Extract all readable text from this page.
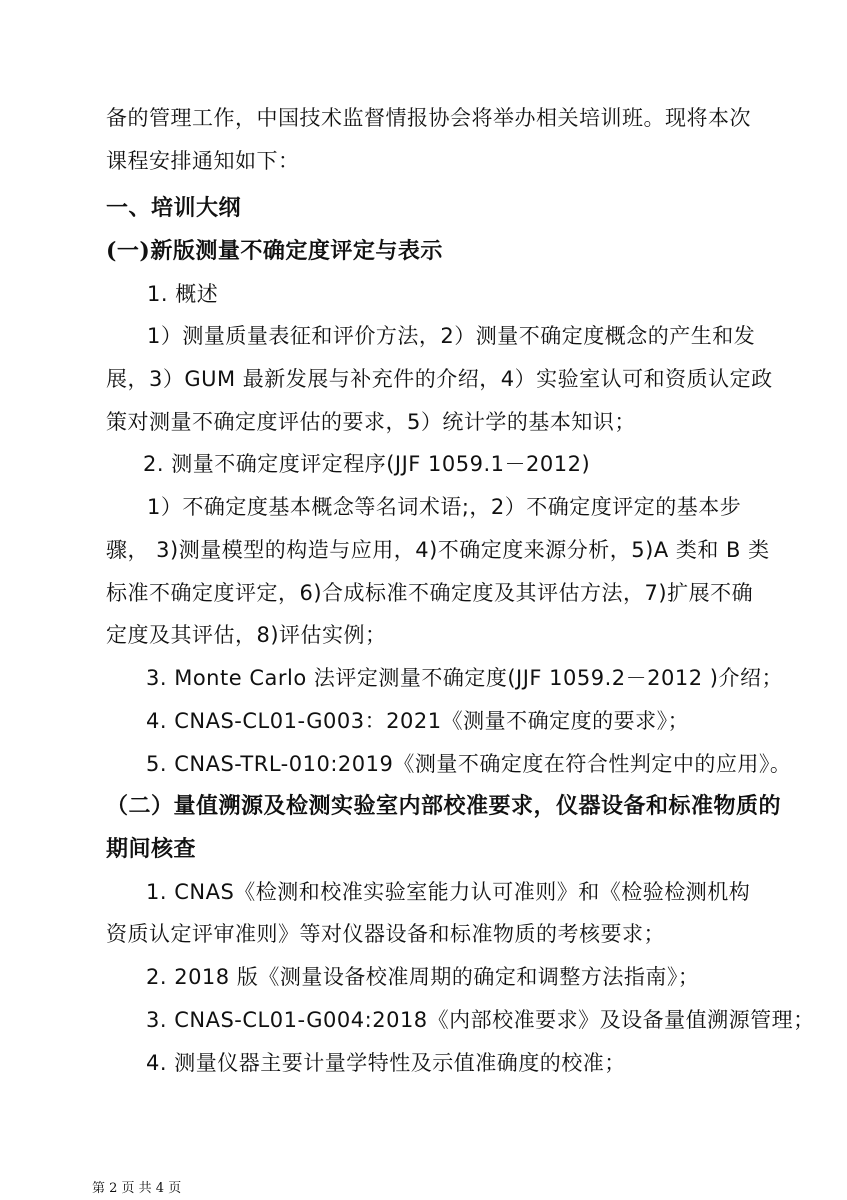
备的管理工作，中国技术监督情报协会将举办相关培训班。现将本次
课程安排通知如下：
一、培训大纲
(一)新版测量不确定度评定与表示
1. 概述
1）测量质量表征和评价方法，2）测量不确定度概念的产生和发
展，3）GUM 最新发展与补充件的介绍，4）实验室认可和资质认定政
策对测量不确定度评估的要求，5）统计学的基本知识；
2. 测量不确定度评定程序(JJF 1059.1－2012)
1）不确定度基本概念等名词术语;，2）不确定度评定的基本步
骤， 3)测量模型的构造与应用，4)不确定度来源分析，5)A 类和 B 类
标准不确定度评定，6)合成标准不确定度及其评估方法，7)扩展不确
定度及其评估，8)评估实例；
3. Monte Carlo 法评定测量不确定度(JJF 1059.2－2012 )介绍；
4. CNAS-CL01-G003：2021《测量不确定度的要求》；
5. CNAS-TRL-010:2019《测量不确定度在符合性判定中的应用》。
（二）量值溯源及检测实验室内部校准要求，仪器设备和标准物质的
期间核查
1. CNAS《检测和校准实验室能力认可准则》和《检验检测机构
资质认定评审准则》等对仪器设备和标准物质的考核要求；
2. 2018 版《测量设备校准周期的确定和调整方法指南》；
3. CNAS-CL01-G004:2018《内部校准要求》及设备量值溯源管理；
4. 测量仪器主要计量学特性及示值准确度的校准；
第 2 页 共 4 页
